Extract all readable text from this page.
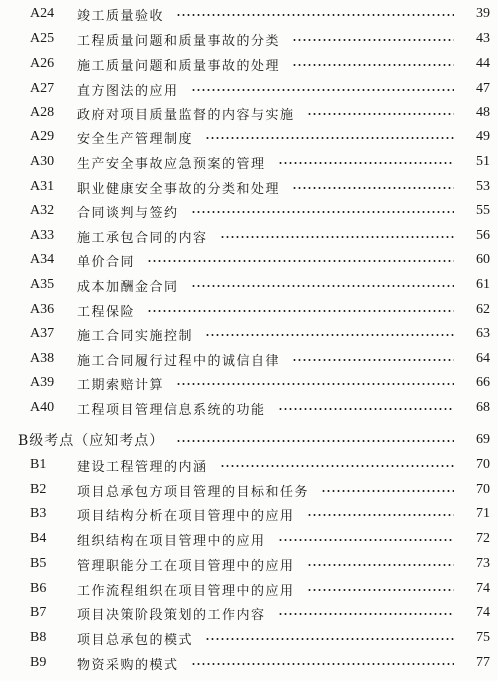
A24	竣工质量验收	39
A25	工程质量问题和质量事故的分类	43
A26	施工质量问题和质量事故的处理	44
A27	直方图法的应用	47
A28	政府对项目质量监督的内容与实施	48
A29	安全生产管理制度	49
A30	生产安全事故应急预案的管理	51
A31	职业健康安全事故的分类和处理	53
A32	合同谈判与签约	55
A33	施工承包合同的内容	56
A34	单价合同	60
A35	成本加酬金合同	61
A36	工程保险	62
A37	施工合同实施控制	63
A38	施工合同履行过程中的诚信自律	64
A39	工期索赔计算	66
A40	工程项目管理信息系统的功能	68
B级考点（应知考点）	69
B1	建设工程管理的内涵	70
B2	项目总承包方项目管理的目标和任务	70
B3	项目结构分析在项目管理中的应用	71
B4	组织结构在项目管理中的应用	72
B5	管理职能分工在项目管理中的应用	73
B6	工作流程组织在项目管理中的应用	74
B7	项目决策阶段策划的工作内容	74
B8	项目总承包的模式	75
B9	物资采购的模式	77
